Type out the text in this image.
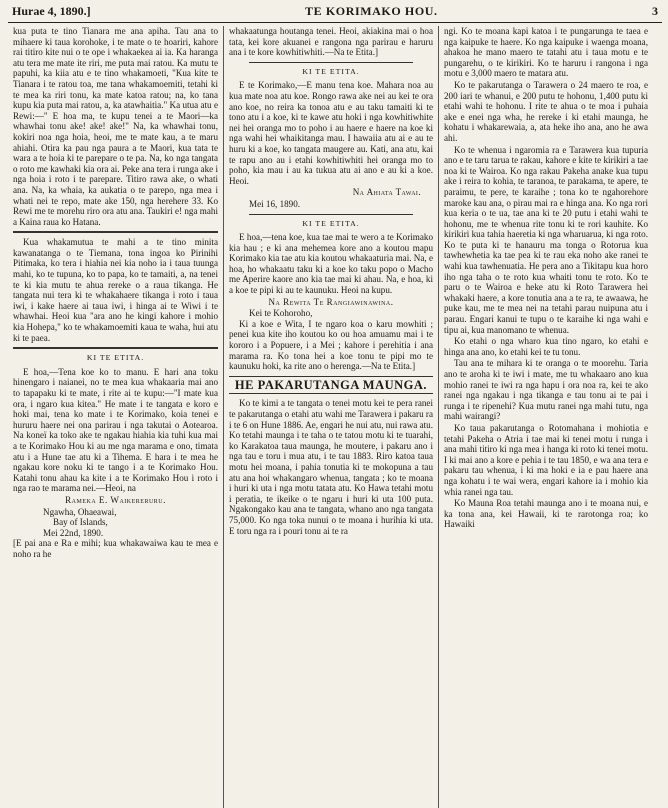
Hurae 4, 1890.]	TE KORIMAKO HOU.	3

kua puta te tino Tianara me ana apiha. Tau ana to mihaere ki taua korohoke, i te mate o te hoariri, kahore rai titiro kite nui o te ope i whakaekea ai ia. Ka haranga atu tera me mate ite riri, me puta mai ratou. Ka mutu te papuhi, ka kiia atu e te tino whakamoeti, "Kua kite te Tianara i te ratou toa, me tana whakamoemiti, tetahi ki te mea ka riri tonu, ka mate katoa ratou; na, ko tana kupu kia puta mai ratou, a, ka atawhaitia." Ka utua atu e Rewi:—" E hoa ma, te kupu tenei a te Maori—ka whawhai tonu ake! ake! ake!" Na, ka whawhai tonu, kokiri noa nga hoia, heoi, me te mate kau, a te maru ahiahi. Otira ka pau nga paura a te Maori, kua tata te wara a te hoia ki te parepare o te pa. Na, ko nga tangata o roto me kawhaki kia ora ai. Peke ana tera i runga ake i nga hoia i roto i te parepare. Titiro rawa ake, o whati ana. Na, ka whaia, ka aukatia o te parepo, nga mea i whati nei te repo, mate ake 150, nga herehere 33. Ko Rewi me te morehu riro ora atu ana. Taukiri e! nga mahi a Kaina raua ko Hatana.

Kua whakamutua te mahi a te tino minita kawanatanga o te Tiemana, tona ingoa ko Pirinihi Pitimaka, ko tera i hiahia nei kia noho ia i taua tuunga mahi, ko te tupuna, ko to papa, ko te tamaiti, a, na tenei te ki kia mutu te ahua rereke o a raua tikanga. He tangata nui tera ki te whakahaere tikanga i roto i taua iwi, i kake haere ai taua iwi, i hinga ai te Wiwi i te whawhai. Heoi kua "ara ano he kingi kahore i mohio kia Hohepa," ko te whakamoemiti kaua te waha, hui atu ki te paea.

KI TE ETITA.

E hoa,—Tena koe ko to manu. E hari ana toku hinengaro i naianei, no te mea kua whakaaria mai ano to tapapaku ki te mate, i rite ai te kupu:—"I mate kua ora, i ngaro kua kitea." He mate i te tangata e koro e hoki mai, tena ko mate i te Korimako, koia tenei e hururu haere nei ona parirau i nga takutai o Aotearoa. Na koneï ka toko ake te ngakau hiahia kia tuhi kua mai a te Korimako Hou ki au me nga marama e ono, timata atu i a Hune tae atu ki a Tihema. E hara i te mea he ngakau kore noku ki te tango i a te Korimako Hou. Katahi tonu ahau ka kite i a te Korimako Hou i roto i nga rao te marama nei.—Heoi, na

Rameka E. Waikereruru.
Ngawha, Ohaeawai,
Bay of Islands,
Mei 22nd, 1890.

[E pai ana e Ra e mihi; kua whakawaiwa kau te mea e noho ra he

whakaatunga houtanga tenei. Heoi, akiakina mai o hoa tata, kei kore akuanei e rangona nga parirau e haruru ana i te kore kowhitiwhiti.—Na te Etita.]

KI TE ETITA.

E te Korimako,—E manu tena koe. Mahara noa au kua mate noa atu koe. Rongo rawa ake nei au kei te ora ano koe, no reira ka tonoa atu e au taku tamaiti ki te tono atu i a koe, ki te kawe atu hoki i nga kowhitiwhite nei hei oranga mo to poho i au haere e haere na koe ki nga wahi hei whaikitanga mau. I hawaiia atu ai e au te huru ki a koe, ko tangata maugere au. Kati, ana atu, kai te rapu ano au i etahi kowhitiwhiti hei oranga mo to poho, kia mau i au ka tukua atu ai ano e au ki a koe. Heoi.

Na Ahiata Tawai.
Mei 16, 1890.
KI TE ETITA.

E hoa,—tena koe, kua tae mai te wero a te Korimako kia hau ; e ki ana mehemea kore ano a koutou mapu Korimako kia tae atu kia koutou whakaaturia mai. Na, e hoa, ho whakaatu taku ki a koe ko taku popo o Macho me Aperire kaore ano kia tae mai ki ahau. Na, e hoa, ki a koe te pipi ki au te kaunuku. Heoi na kupu.

Na Rewita Te Rangiawinawina.
Kei te Kohoroho,

Ki a koe e Wita, I te ngaro koa o karu mowhiti ; penei kua kite iho koutou ko ou hoa amuamu mai i te kororo i a Popuere, i a Mei ; kahore i perehitia i ana marama ra. Ko tona hei a koe tonu te pipi mo te kaunuku hoki, ka rite ano o herenga.—Na te Etita.]

HE PAKARUTANGA MAUNGA.

Ko te kimi a te tangata o tenei motu kei te pera ranei te pakarutanga o etahi atu wahi me Tarawera i pakaru ra i te 6 on Hune 1886. Ae, engari he nui atu, nui rawa atu. Ko tetahi maunga i te taha o te tatou motu ki te tuarahi, ko Karakatoa taua maunga, he moutere, i pakaru ano i nga tau e toru i mua atu, i te tau 1883. Riro katoa taua motu hei moana, i pahia tonutia ki te mokopuna a tau atu ana hoi whakangaro whenua, tangata ; ko te moana i huri ki uta i nga motu tatata atu. Ko Hawa tetahi motu i peratia, te ikeike o te ngaru i huri ki uta 100 puta. Ngakongako kau ana te tangata, whano ano nga tangata 75,000. Ko nga toka nunui o te moana i hurihia ki uta. E toru nga ra i pouri tonu ai te ra

ngi. Ko te moana kapi katoa i te pungarunga te taea e nga kaipuke te haere. Ko nga kaipuke i waenga moana, ahakoa he mano maero te tatahi atu i taua motu e te pungarehu, o te kirikiri. Ko te haruru i rangona i nga motu e 3,000 maero te matara atu.

Ko te pakarutanga o Tarawera o 24 maero te roa, e 200 iari te whanui, e 200 putu te hohonu, 1,400 putu ki etahi wahi te hohonu. I rite te ahua o te moa i puhaia ake e enei nga wha, he rereke i ki etahi maunga, he kohatu i whakarewaia, a, ata heke iho ana, ano he awa ahi.

Ko te whenua i ngaromia ra e Tarawera kua tupuria ano e te taru tarua te rakau, kahore e kite te kirikiri a tae noa ki te Wairoa. Ko nga rakau Pakeha anake kua tupu ake i reira to kohia, te taranoa, te parakama, te apere, te paraimu, te pere, te karaihe ; tona ko te ngahorehore maroke kau ana, o pirau mai ra e hinga ana. Ko nga rori kua keria o te ua, tae ana ki te 20 putu i etahi wahi te hohonu, me te whenua rite tonu ki te rori kauhite. Ko kirikiri kua tahia haeretia ki nga wharuarua, ki nga roto. Ko te puta ki te hanauru ma tonga o Rotorua kua tawhewhetia ka tae pea ki te rau eka noho ake ranei te wahi kua tawhenuatia. He pera ano a Tikitapu kua horo iho nga taha o te roto kua whaiti tonu te roto. Ko te paru o te Wairoa e heke atu ki Roto Tarawera hei whakaki haere, a kore tonutia ana a te ra, te awaawa, he puke kau, me te mea nei na tetahi parau nuipuna atu i parau. Engari kanui te tupu o te karaihe ki nga wahi e tipu ai, kua manomano te whenua.

Ko etahi o nga wharo kua tino ngaro, ko etahi e hinga ana ano, ko etahi kei te tu tonu.

Tau ana te mihara ki te oranga o te moorehu. Taria ano te aroha ki te iwi i mate, me tu whakaaro ano kua mohio ranei te iwi ra nga hapu i ora noa ra, kei te ako ranei nga ngakau i nga tikanga e tau tonu ai te pai i runga i te ripenehi? Kua mutu ranei nga mahi tutu, nga mahi wairangi?

Ko taua pakarutanga o Rotomahana i mohiotia e tetahi Pakeha o Atria i tae mai ki tenei motu i runga i ana mahi titiro ki nga mea i hanga ki roto ki tenei motu. I ki mai ano a kore e pehia i te tau 1850, e wa ana tera e pakaru tau whenua, i ki ma hoki e ia e pau haere ana nga kohatu i te wai wera, engari kahore ia i mohio kia whia ranei nga tau.

Ko Mauna Roa tetahi maunga ano i te moana nui, e ka tona ana, kei Hawaii, ki te rarotonga roa; ko Hawaiki
